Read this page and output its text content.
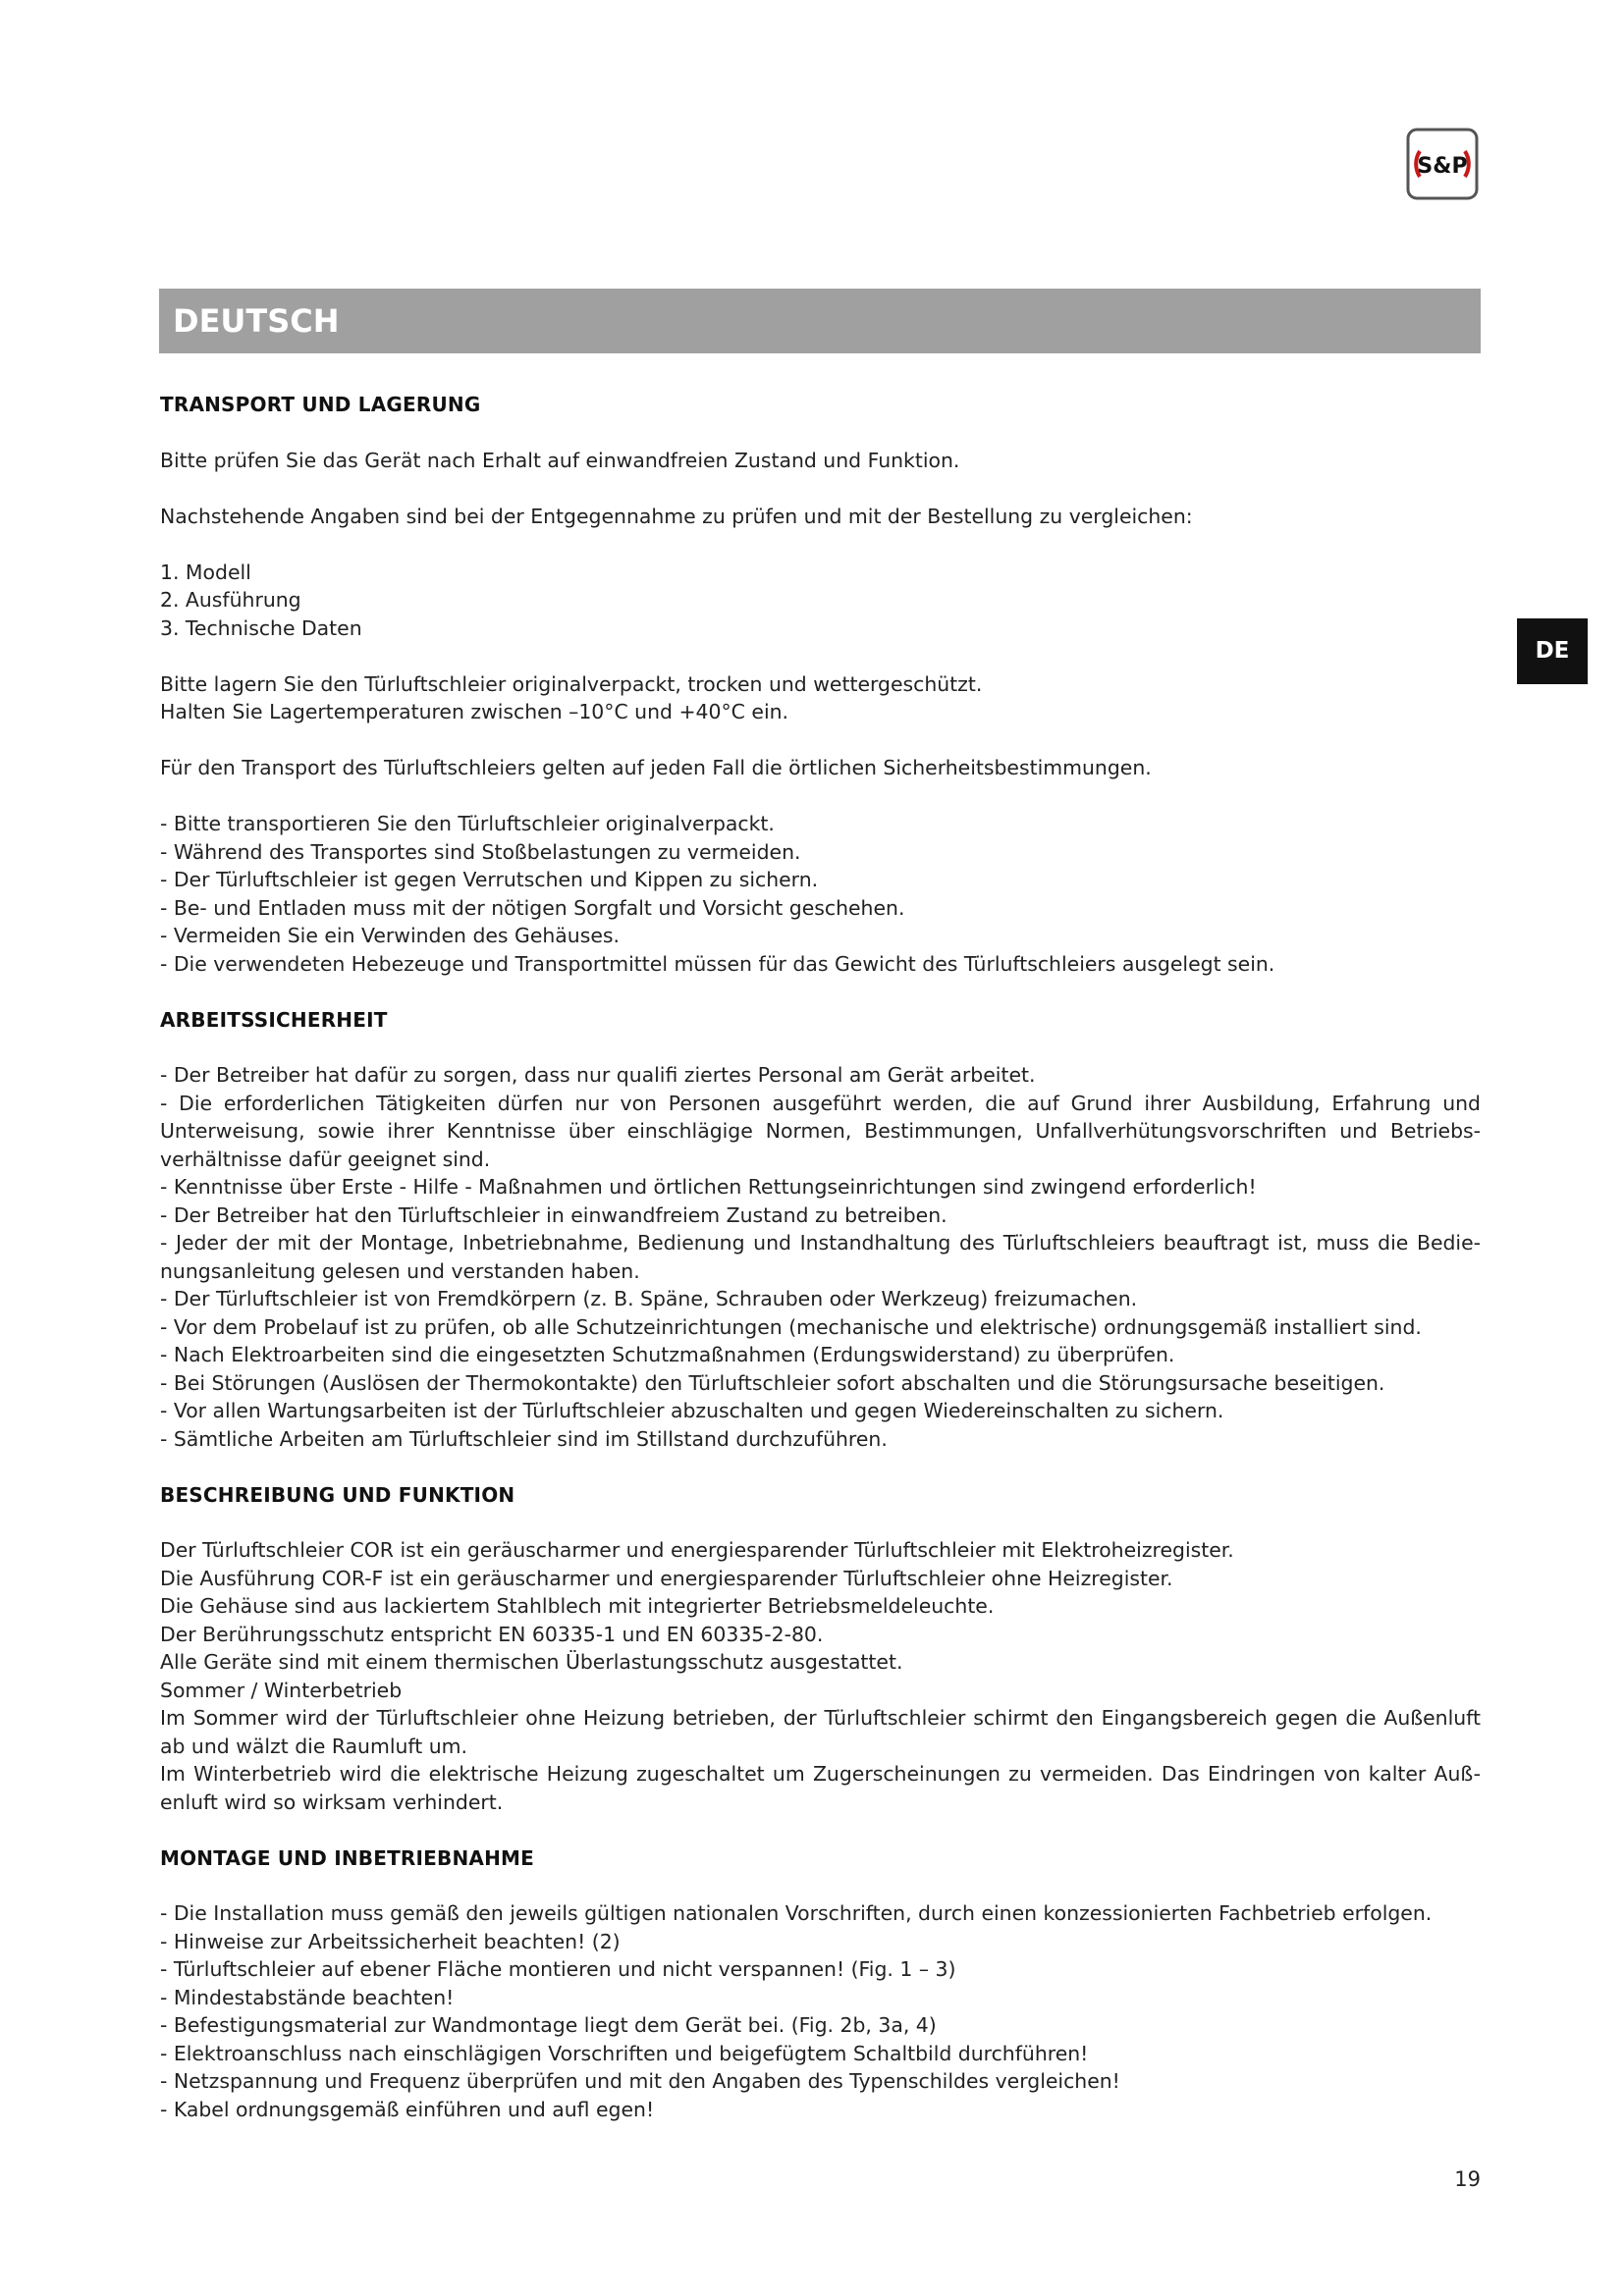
S&P
DEUTSCH
DE
TRANSPORT UND LAGERUNG
Bitte prüfen Sie das Gerät nach Erhalt auf einwandfreien Zustand und Funktion.
Nachstehende Angaben sind bei der Entgegennahme zu prüfen und mit der Bestellung zu vergleichen:
1. Modell
2. Ausführung
3. Technische Daten
Bitte lagern Sie den Türluftschleier originalverpackt, trocken und wettergeschützt.
Halten Sie Lagertemperaturen zwischen –10°C und +40°C ein.
Für den Transport des Türluftschleiers gelten auf jeden Fall die örtlichen Sicherheitsbestimmungen.
- Bitte transportieren Sie den Türluftschleier originalverpackt.
- Während des Transportes sind Stoßbelastungen zu vermeiden.
- Der Türluftschleier ist gegen Verrutschen und Kippen zu sichern.
- Be- und Entladen muss mit der nötigen Sorgfalt und Vorsicht geschehen.
- Vermeiden Sie ein Verwinden des Gehäuses.
- Die verwendeten Hebezeuge und Transportmittel müssen für das Gewicht des Türluftschleiers ausgelegt sein.
ARBEITSSICHERHEIT
- Der Betreiber hat dafür zu sorgen, dass nur qualifi ziertes Personal am Gerät arbeitet.
- Die erforderlichen Tätigkeiten dürfen nur von Personen ausgeführt werden, die auf Grund ihrer Ausbildung, Erfahrung und Unterweisung, sowie ihrer Kenntnisse über einschlägige Normen, Bestimmungen, Unfallverhütungsvorschriften und Betriebs-verhältnisse dafür geeignet sind.
- Kenntnisse über Erste - Hilfe - Maßnahmen und örtlichen Rettungseinrichtungen sind zwingend erforderlich!
- Der Betreiber hat den Türluftschleier in einwandfreiem Zustand zu betreiben.
- Jeder der mit der Montage, Inbetriebnahme, Bedienung und Instandhaltung des Türluftschleiers beauftragt ist, muss die Bedie-nungsanleitung gelesen und verstanden haben.
- Der Türluftschleier ist von Fremdkörpern (z. B. Späne, Schrauben oder Werkzeug) freizumachen.
- Vor dem Probelauf ist zu prüfen, ob alle Schutzeinrichtungen (mechanische und elektrische) ordnungsgemäß installiert sind.
- Nach Elektroarbeiten sind die eingesetzten Schutzmaßnahmen (Erdungswiderstand) zu überprüfen.
- Bei Störungen (Auslösen der Thermokontakte) den Türluftschleier sofort abschalten und die Störungsursache beseitigen.
- Vor allen Wartungsarbeiten ist der Türluftschleier abzuschalten und gegen Wiedereinschalten zu sichern.
- Sämtliche Arbeiten am Türluftschleier sind im Stillstand durchzuführen.
BESCHREIBUNG UND FUNKTION
Der Türluftschleier COR ist ein geräuscharmer und energiesparender Türluftschleier mit Elektroheizregister.
Die Ausführung COR-F ist ein geräuscharmer und energiesparender Türluftschleier ohne Heizregister.
Die Gehäuse sind aus lackiertem Stahlblech mit integrierter Betriebsmeldeleuchte.
Der Berührungsschutz entspricht EN 60335-1 und EN 60335-2-80.
Alle Geräte sind mit einem thermischen Überlastungsschutz ausgestattet.
Sommer / Winterbetrieb
Im Sommer wird der Türluftschleier ohne Heizung betrieben, der Türluftschleier schirmt den Eingangsbereich gegen die Außenluft ab und wälzt die Raumluft um.
Im Winterbetrieb wird die elektrische Heizung zugeschaltet um Zugerscheinungen zu vermeiden. Das Eindringen von kalter Auß-enluft wird so wirksam verhindert.
MONTAGE UND INBETRIEBNAHME
- Die Installation muss gemäß den jeweils gültigen nationalen Vorschriften, durch einen konzessionierten Fachbetrieb erfolgen.
- Hinweise zur Arbeitssicherheit beachten! (2)
- Türluftschleier auf ebener Fläche montieren und nicht verspannen! (Fig. 1 – 3)
- Mindestabstände beachten!
- Befestigungsmaterial zur Wandmontage liegt dem Gerät bei. (Fig. 2b, 3a, 4)
- Elektroanschluss nach einschlägigen Vorschriften und beigefügtem Schaltbild durchführen!
- Netzspannung und Frequenz überprüfen und mit den Angaben des Typenschildes vergleichen!
- Kabel ordnungsgemäß einführen und aufl egen!
19
